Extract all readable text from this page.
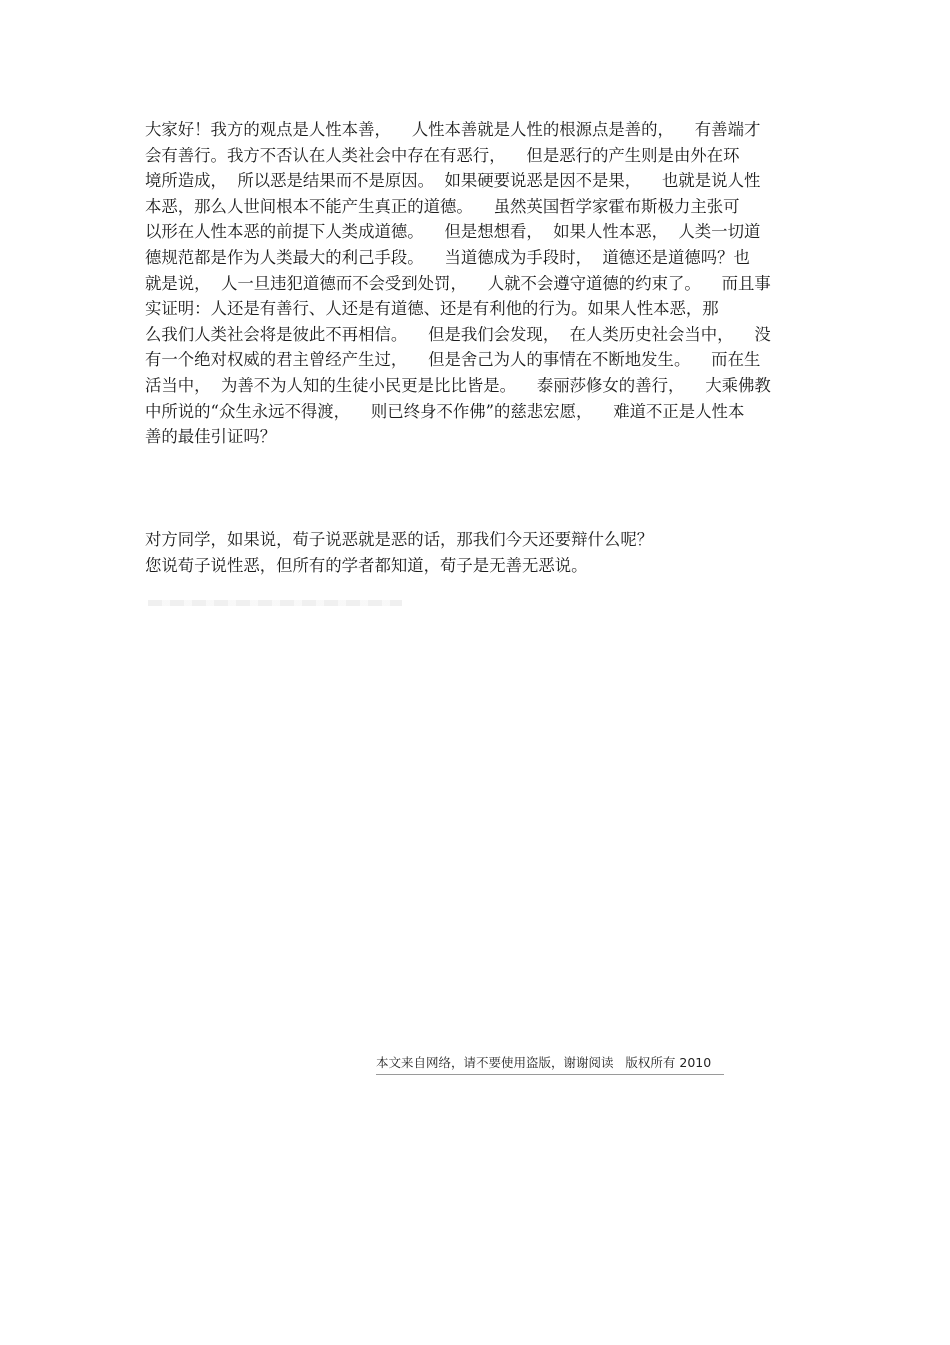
大家好！我方的观点是人性本善，    人性本善就是人性的根源点是善的，    有善端才
会有善行。我方不否认在人类社会中存在有恶行，    但是恶行的产生则是由外在环
境所造成，  所以恶是结果而不是原因。  如果硬要说恶是因不是果，    也就是说人性
本恶，那么人世间根本不能产生真正的道德。    虽然英国哲学家霍布斯极力主张可
以形在人性本恶的前提下人类成道德。    但是想想看，  如果人性本恶，  人类一切道
德规范都是作为人类最大的利己手段。    当道德成为手段时，  道德还是道德吗？也
就是说，  人一旦违犯道德而不会受到处罚，    人就不会遵守道德的约束了。    而且事
实证明：人还是有善行、人还是有道德、还是有利他的行为。如果人性本恶，那
么我们人类社会将是彼此不再相信。    但是我们会发现，  在人类历史社会当中，    没
有一个绝对权威的君主曾经产生过，    但是舍己为人的事情在不断地发生。    而在生
活当中，  为善不为人知的生徒小民更是比比皆是。    泰丽莎修女的善行，    大乘佛教
中所说的“众生永远不得渡，    则已终身不作佛”的慈悲宏愿，    难道不正是人性本
善的最佳引证吗？
对方同学，如果说，荀子说恶就是恶的话，那我们今天还要辩什么呢？
您说荀子说性恶，但所有的学者都知道，荀子是无善无恶说。
本文来自网络，请不要使用盗版，谢谢阅读   版权所有 2010
